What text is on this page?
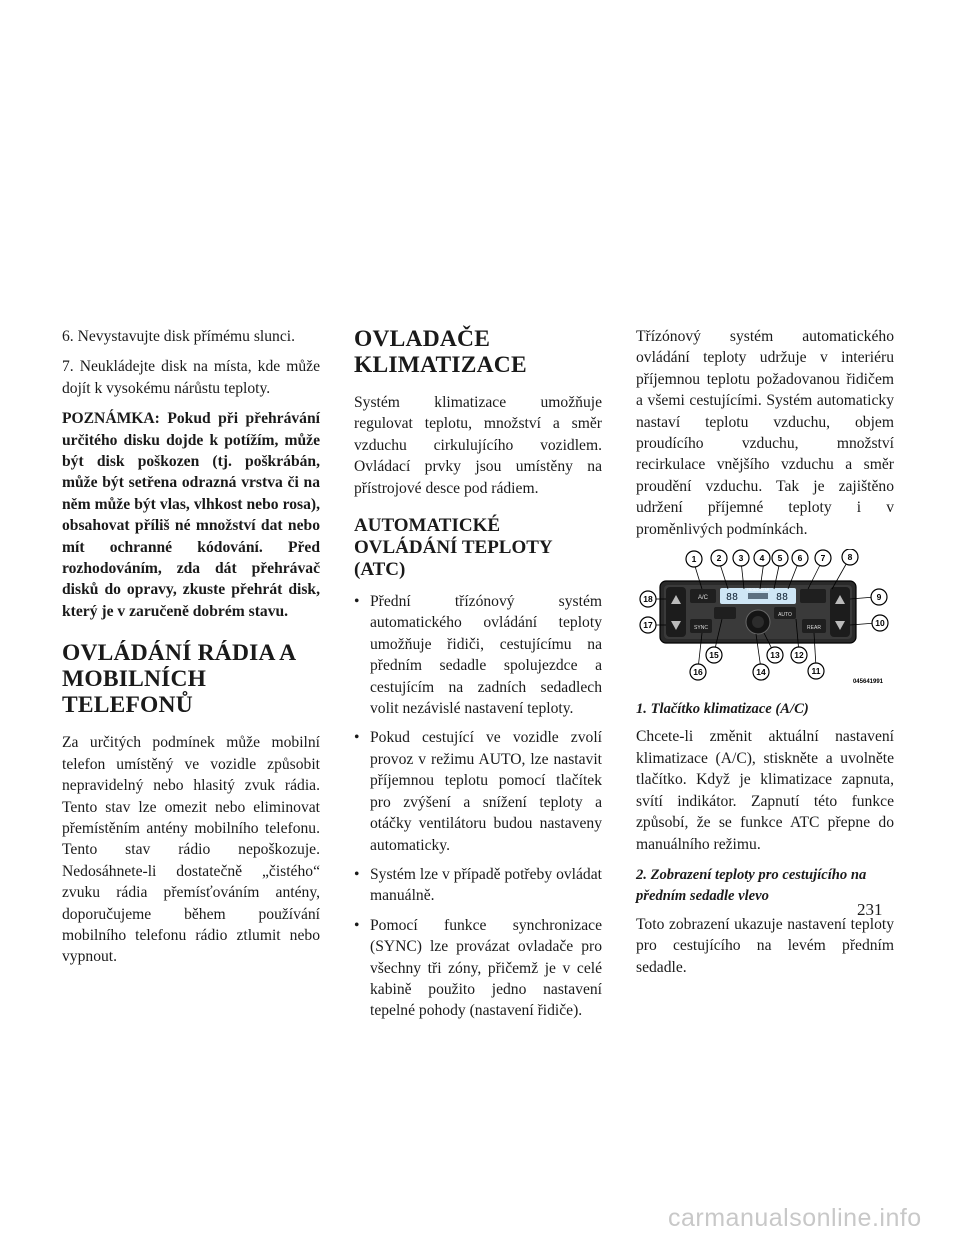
6. Nevystavujte disk přímému slunci.

7. Neukládejte disk na místa, kde může dojít k vysokému nárůstu teploty.

POZNÁMKA: Pokud při přehrávání určitého disku dojde k potížím, může být disk poškozen (tj. poškrábán, může být setřena odrazná vrstva či na něm může být vlas, vlhkost nebo rosa), obsahovat příliš né množství dat nebo mít ochranné kódování. Před rozhodováním, zda dát přehrávač disků do opravy, zkuste přehrát disk, který je v zaručeně dobrém stavu.

OVLÁDÁNÍ RÁDIA A MOBILNÍCH TELEFONŮ

Za určitých podmínek může mobilní telefon umístěný ve vozidle způsobit nepravidelný nebo hlasitý zvuk rádia. Tento stav lze omezit nebo eliminovat přemístěním antény mobilního telefonu. Tento stav rádio nepoškozuje. Nedosáhnete-li dostatečně „čistého“ zvuku rádia přemísťováním antény, doporučujeme během používání mobilního telefonu rádio ztlumit nebo vypnout.

OVLADAČE KLIMATIZACE

Systém klimatizace umožňuje regulovat teplotu, množství a směr vzduchu cirkulujícího vozidlem. Ovládací prvky jsou umístěny na přístrojové desce pod rádiem.

AUTOMATICKÉ OVLÁDÁNÍ TEPLOTY (ATC)
• Přední třízónový systém automatického ovládání teploty umožňuje řidiči, cestujícímu na předním sedadle spolujezdce a cestujícím na zadních sedadlech volit nezávislé nastavení teploty.
• Pokud cestující ve vozidle zvolí provoz v režimu AUTO, lze nastavit příjemnou teplotu pomocí tlačítek pro zvýšení a snížení teploty a otáčky ventilátoru budou nastaveny automaticky.
• Systém lze v případě potřeby ovládat manuálně.
• Pomocí funkce synchronizace (SYNC) lze provázat ovladače pro všechny tři zóny, přičemž je v celé kabině použito jedno nastavení tepelné pohody (nastavení řidiče).

Třízónový systém automatického ovládání teploty udržuje v interiéru příjemnou teplotu požadovanou řidičem a všemi cestujícími. Systém automaticky nastaví teplotu vzduchu, objem proudícího vzduchu, množství recirkulace vnějšího vzduchu a směr proudění vzduchu. Tak je zajištěno udržení příjemné teploty i v proměnlivých podmínkách.

A/C 88	88
FRONT/REAR
SYNC
AUTO
REAR
1 2 3 4 5 6 7	8
9
10
11
12
13
14
15
16
17
18
045641991

1. Tlačítko klimatizace (A/C)

Chcete-li změnit aktuální nastavení klimatizace (A/C), stiskněte a uvolněte tlačítko. Když je klimatizace zapnuta, svítí indikátor. Zapnutí této funkce způsobí, že se funkce ATC přepne do manuálního režimu.

2. Zobrazení teploty pro cestujícího na předním sedadle vlevo

Toto zobrazení ukazuje nastavení teploty pro cestujícího na levém předním sedadle.

231
carmanualsonline.info
